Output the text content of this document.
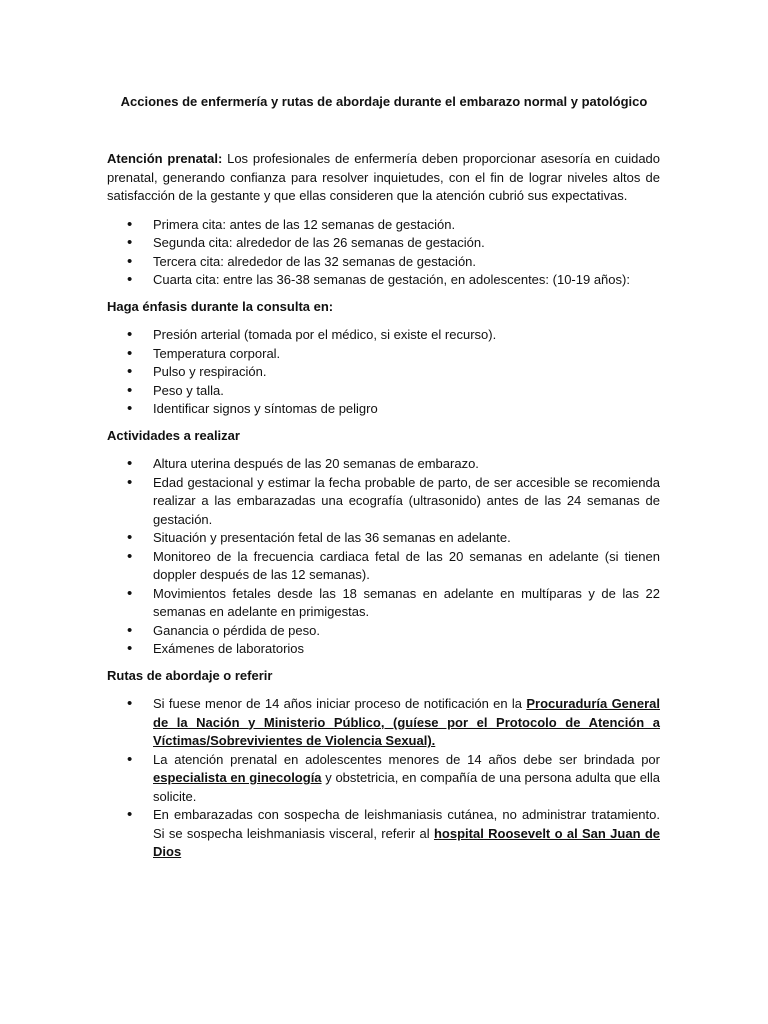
Acciones de enfermería y rutas de abordaje durante el embarazo normal y patológico

Atención prenatal: Los profesionales de enfermería deben proporcionar asesoría en cuidado prenatal, generando confianza para resolver inquietudes, con el fin de lograr niveles altos de satisfacción de la gestante y que ellas consideren que la atención cubrió sus expectativas.

• Primera cita: antes de las 12 semanas de gestación.
• Segunda cita: alrededor de las 26 semanas de gestación.
• Tercera cita: alrededor de las 32 semanas de gestación.
• Cuarta cita: entre las 36-38 semanas de gestación, en adolescentes: (10-19 años):

Haga énfasis durante la consulta en:

• Presión arterial (tomada por el médico, si existe el recurso).
• Temperatura corporal.
• Pulso y respiración.
• Peso y talla.
• Identificar signos y síntomas de peligro

Actividades a realizar

• Altura uterina después de las 20 semanas de embarazo.
• Edad gestacional y estimar la fecha probable de parto, de ser accesible se recomienda realizar a las embarazadas una ecografía (ultrasonido) antes de las 24 semanas de gestación.
• Situación y presentación fetal de las 36 semanas en adelante.
• Monitoreo de la frecuencia cardiaca fetal de las 20 semanas en adelante (si tienen doppler después de las 12 semanas).
• Movimientos fetales desde las 18 semanas en adelante en multíparas y de las 22 semanas en adelante en primigestas.
• Ganancia o pérdida de peso.
• Exámenes de laboratorios

Rutas de abordaje o referir

• Si fuese menor de 14 años iniciar proceso de notificación en la Procuraduría General de la Nación y Ministerio Público, (guíese por el Protocolo de Atención a Víctimas/Sobrevivientes de Violencia Sexual).
• La atención prenatal en adolescentes menores de 14 años debe ser brindada por especialista en ginecología y obstetricia, en compañía de una persona adulta que ella solicite.
• En embarazadas con sospecha de leishmaniasis cutánea, no administrar tratamiento. Si se sospecha leishmaniasis visceral, referir al hospital Roosevelt o al San Juan de Dios
